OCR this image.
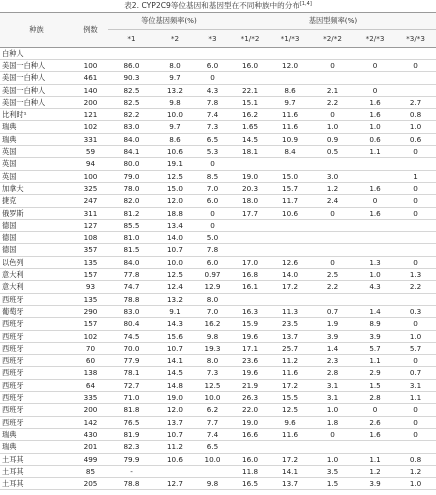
表2. CYP2C9等位基因和基因型在不同种族中的分布[1,4]
种族	例数	等位基因频率(%)			基因型频率(%)				
		*1	*2	*3	*1/*2	*1/*3	*2/*2	*2/*3	*3/*3
白种人									
美国一白种人	100	86.0	8.0	6.0	16.0	12.0	0	0	0
美国一白种人	461	90.3	9.7	0					
美国一白种人	140	82.5	13.2	4.3	22.1	8.6	2.1	0	
美国一白种人	200	82.5	9.8	7.8	15.1	9.7	2.2	1.6	2.7
比利时¹	121	82.2	10.0	7.4	16.2	11.6	0	1.6	0.8
瑞典	102	83.0	9.7	7.3	1.65	11.6	1.0	1.0	1.0
瑞典	331	84.0	8.6	6.5	14.5	10.9	0.9	0.6	0.6
英国	59	84.1	10.6	5.3	18.1	8.4	0.5	1.1	0
英国	94	80.0	19.1	0					
英国	100	79.0	12.5	8.5	19.0	15.0	3.0		1
加拿大	325	78.0	15.0	7.0	20.3	15.7	1.2	1.6	0
捷克	247	82.0	12.0	6.0	18.0	11.7	2.4	0	0
俄罗斯	311	81.2	18.8	0	17.7	10.6	0	1.6	0
德国	127	85.5	13.4	0					
德国	108	81.0	14.0	5.0					
德国	357	81.5	10.7	7.8					
以色列	135	84.0	10.0	6.0	17.0	12.6	0	1.3	0
意大利	157	77.8	12.5	0.97	16.8	14.0	2.5	1.0	1.3
意大利	93	74.7	12.4	12.9	16.1	17.2	2.2	4.3	2.2
西班牙	135	78.8	13.2	8.0					
葡萄牙	290	83.0	9.1	7.0	16.3	11.3	0.7	1.4	0.3
西班牙	157	80.4	14.3	16.2	15.9	23.5	1.9	8.9	0
西班牙	102	74.5	15.6	9.8	19.6	13.7	3.9	3.9	1.0
西班牙	70	70.0	10.7	19.3	17.1	25.7	1.4	5.7	5.7
西班牙	60	77.9	14.1	8.0	23.6	11.2	2.3	1.1	0
西班牙	138	78.1	14.5	7.3	19.6	11.6	2.8	2.9	0.7
西班牙	64	72.7	14.8	12.5	21.9	17.2	3.1	1.5	3.1
西班牙	335	71.0	19.0	10.0	26.3	15.5	3.1	2.8	1.1
西班牙	200	81.8	12.0	6.2	22.0	12.5	1.0	0	0
西班牙	142	76.5	13.7	7.7	19.0	9.6	1.8	2.6	0
瑞典	430	81.9	10.7	7.4	16.6	11.6	0	1.6	0
瑞典	201	82.3	11.2	6.5					
土耳其	499	79.9	10.6	10.0	16.0	17.2	1.0	1.1	0.8
土耳其	85	-			11.8	14.1	3.5	1.2	1.2
土耳其	205	78.8	12.7	9.8	16.5	13.7	1.5	3.9	1.0
